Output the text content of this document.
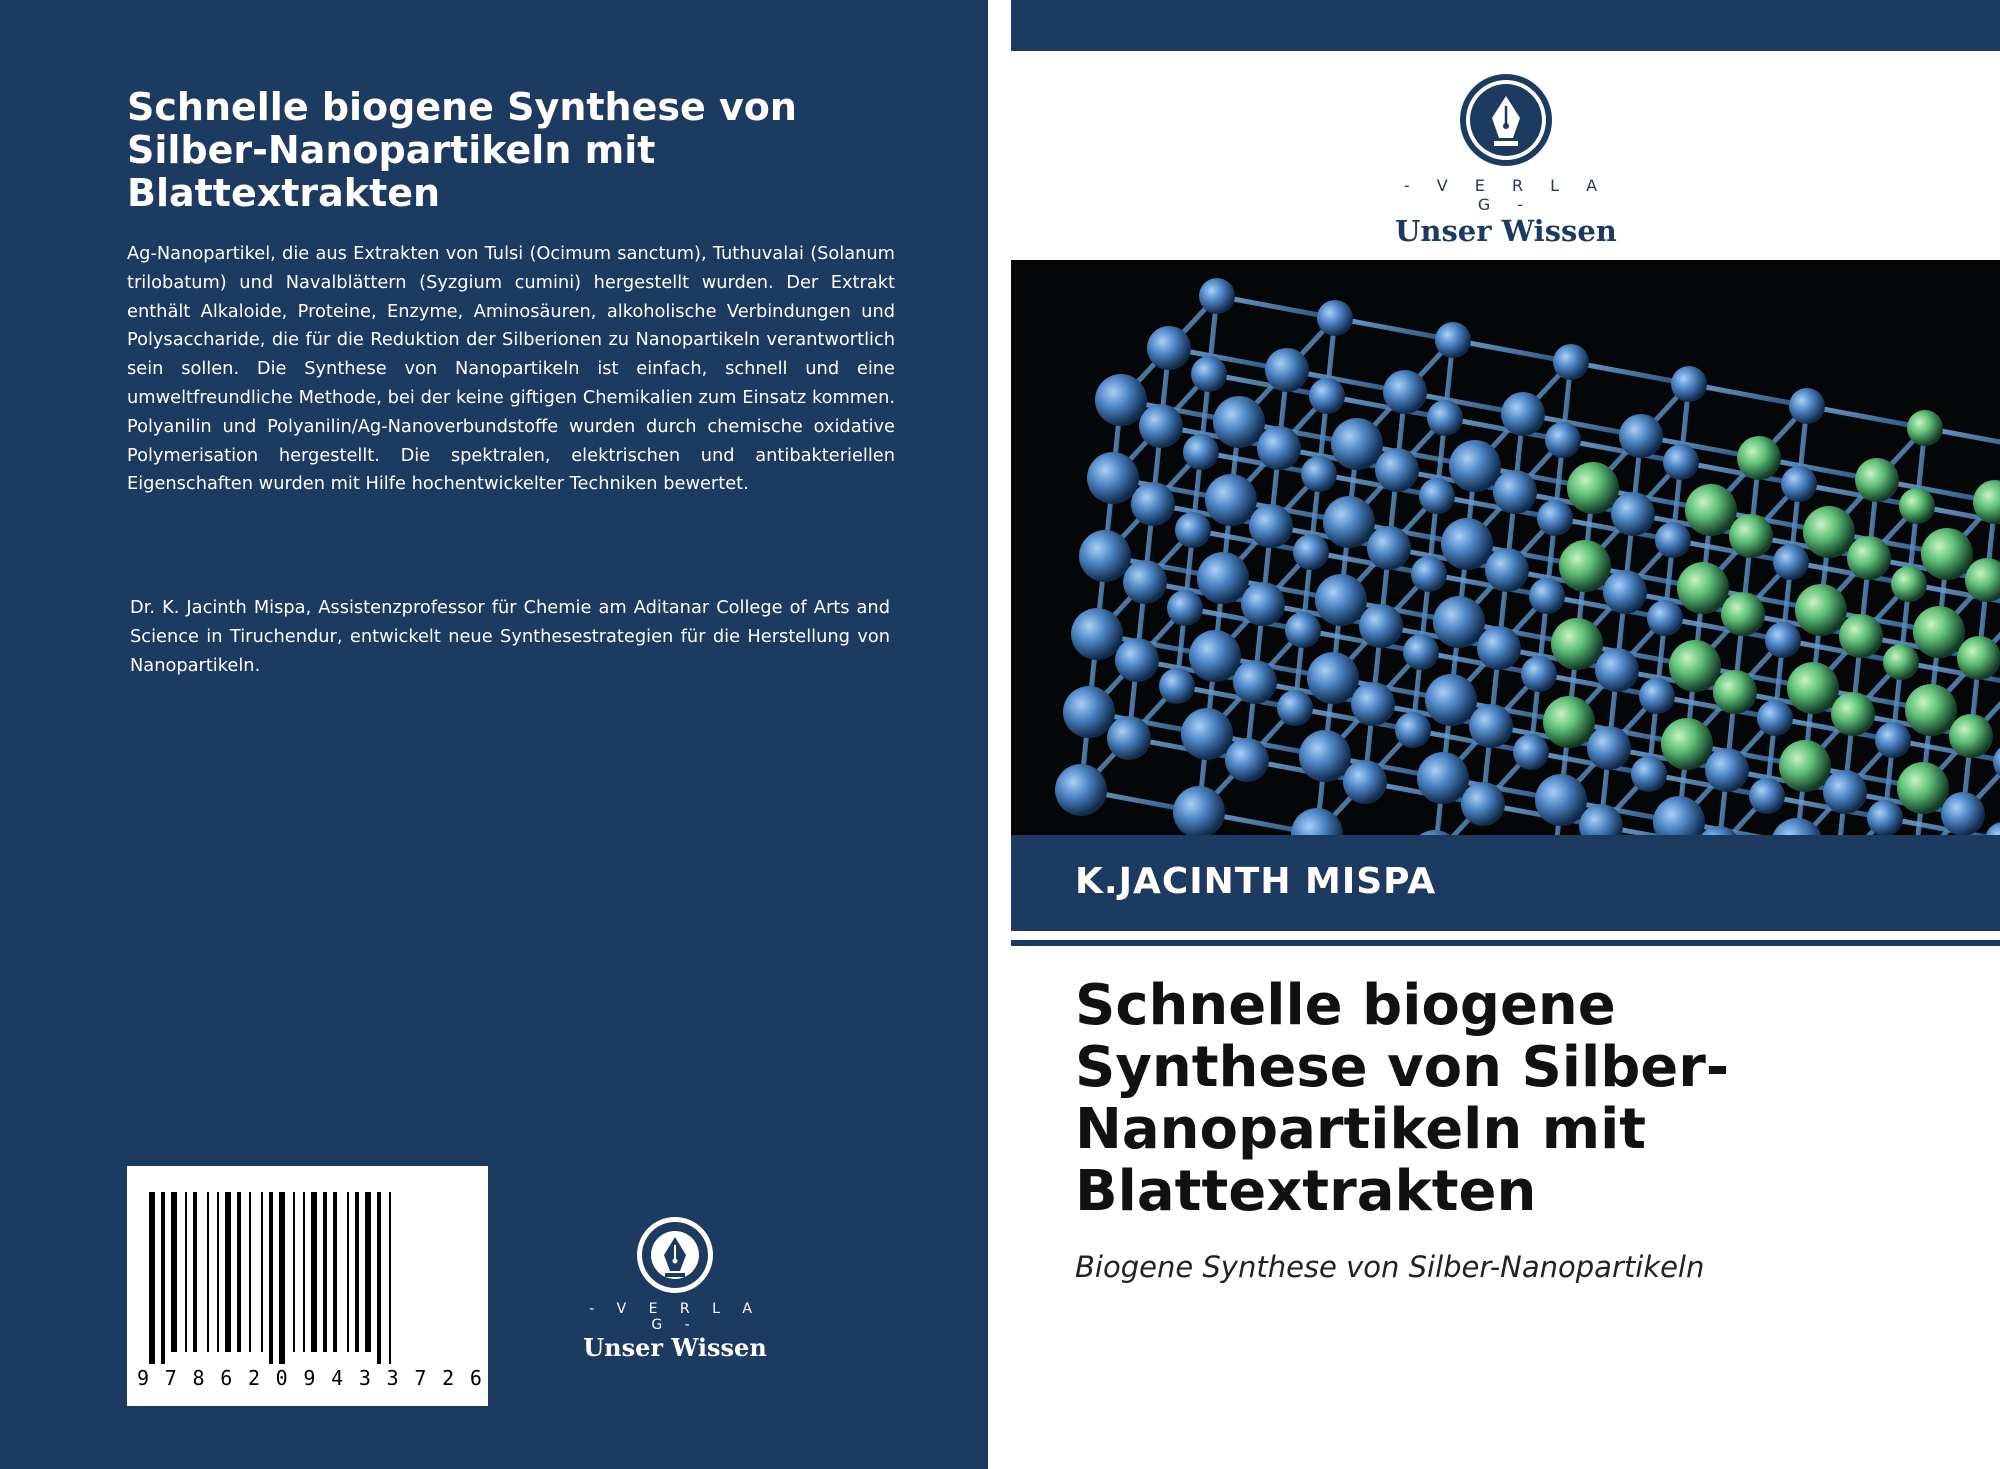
Schnelle biogene Synthese von Silber-Nanopartikeln mit Blattextrakten

Ag-Nanopartikel, die aus Extrakten von Tulsi (Ocimum sanctum), Tuthuvalai (Solanum trilobatum) und Navalblättern (Syzgium cumini) hergestellt wurden. Der Extrakt enthält Alkaloide, Proteine, Enzyme, Aminosäuren, alkoholische Verbindungen und Polysaccharide, die für die Reduktion der Silberionen zu Nanopartikeln verantwortlich sein sollen. Die Synthese von Nanopartikeln ist einfach, schnell und eine umweltfreundliche Methode, bei der keine giftigen Chemikalien zum Einsatz kommen. Polyanilin und Polyanilin/Ag-Nanoverbundstoffe wurden durch chemische oxidative Polymerisation hergestellt. Die spektralen, elektrischen und antibakteriellen Eigenschaften wurden mit Hilfe hochentwickelter Techniken bewertet.

Dr. K. Jacinth Mispa, Assistenzprofessor für Chemie am Aditanar College of Arts and Science in Tiruchendur, entwickelt neue Synthesestrategien für die Herstellung von Nanopartikeln.

9 7 8 6 2 0 9 4 3 3 7 2 6
- V E R L A G -
Unser Wissen
- V E R L A G -
Unser Wissen

K.JACINTH MISPA

Schnelle biogene
Synthese von Silber-
Nanopartikeln mit
Blattextrakten

Biogene Synthese von Silber-Nanopartikeln
